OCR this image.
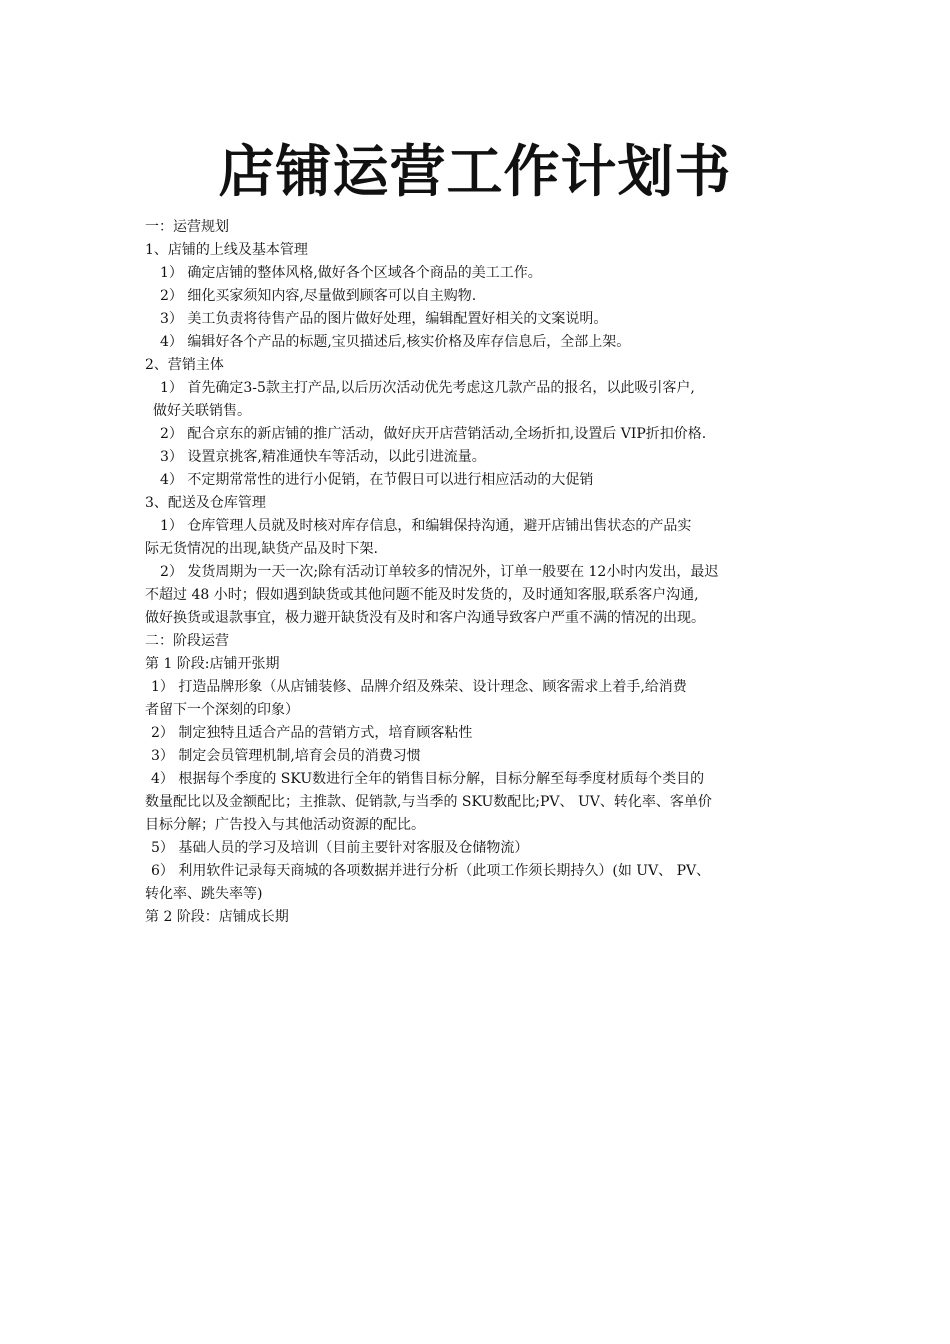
店铺运营工作计划书
一：运营规划
1、店铺的上线及基本管理
1） 确定店铺的整体风格,做好各个区域各个商品的美工工作。
2） 细化买家须知内容,尽量做到顾客可以自主购物.
3） 美工负责将待售产品的图片做好处理，编辑配置好相关的文案说明。
4） 编辑好各个产品的标题,宝贝描述后,核实价格及库存信息后，全部上架。
2、营销主体
1） 首先确定3-5款主打产品,以后历次活动优先考虑这几款产品的报名，以此吸引客户,
做好关联销售。
2） 配合京东的新店铺的推广活动，做好庆开店营销活动,全场折扣,设置后 VIP折扣价格.
3） 设置京挑客,精准通快车等活动，以此引进流量。
4） 不定期常常性的进行小促销，在节假日可以进行相应活动的大促销
3、配送及仓库管理
1） 仓库管理人员就及时核对库存信息，和编辑保持沟通，避开店铺出售状态的产品实
际无货情况的出现,缺货产品及时下架.
2） 发货周期为一天一次;除有活动订单较多的情况外，订单一般要在 12小时内发出，最迟
不超过 48 小时；假如遇到缺货或其他问题不能及时发货的，及时通知客服,联系客户沟通,
做好换货或退款事宜，极力避开缺货没有及时和客户沟通导致客户严重不满的情况的出现。
二：阶段运营
第 1 阶段:店铺开张期
1） 打造品牌形象（从店铺装修、品牌介绍及殊荣、设计理念、顾客需求上着手,给消费
者留下一个深刻的印象）
2） 制定独特且适合产品的营销方式，培育顾客粘性
3） 制定会员管理机制,培育会员的消费习惯
4） 根据每个季度的 SKU数进行全年的销售目标分解，目标分解至每季度材质每个类目的
数量配比以及金额配比；主推款、促销款,与当季的 SKU数配比;PV、 UV、转化率、客单价
目标分解；广告投入与其他活动资源的配比。
5） 基础人员的学习及培训（目前主要针对客服及仓储物流）
6） 利用软件记录每天商城的各项数据并进行分析（此项工作须长期持久）(如 UV、 PV、
转化率、跳失率等)
第 2 阶段：店铺成长期
